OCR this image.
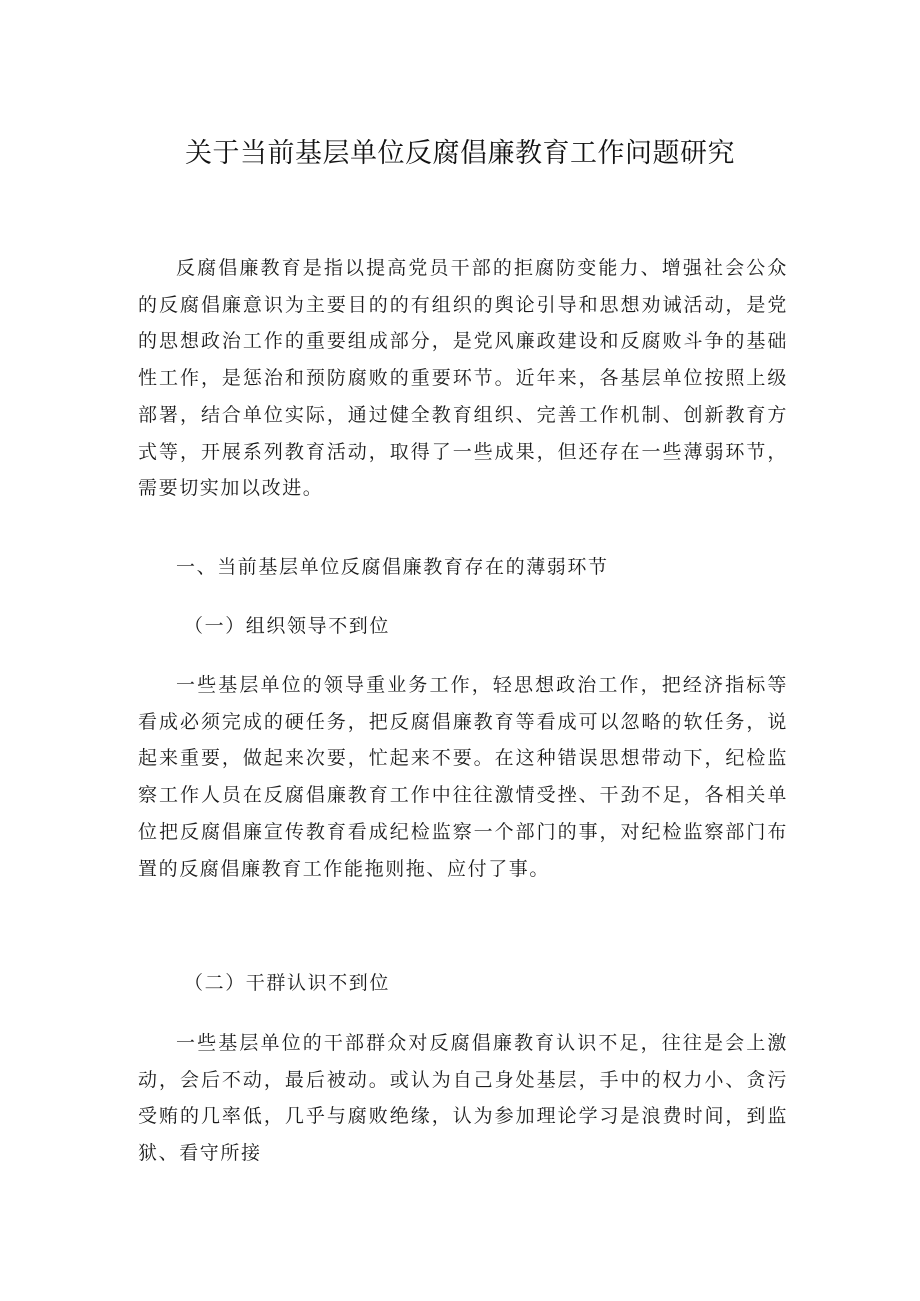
关于当前基层单位反腐倡廉教育工作问题研究

反腐倡廉教育是指以提高党员干部的拒腐防变能力、增强社会公众的反腐倡廉意识为主要目的的有组织的舆论引导和思想劝诫活动，是党的思想政治工作的重要组成部分，是党风廉政建设和反腐败斗争的基础性工作，是惩治和预防腐败的重要环节。近年来，各基层单位按照上级部署，结合单位实际，通过健全教育组织、完善工作机制、创新教育方式等，开展系列教育活动，取得了一些成果，但还存在一些薄弱环节，需要切实加以改进。

一、当前基层单位反腐倡廉教育存在的薄弱环节

（一）组织领导不到位

一些基层单位的领导重业务工作，轻思想政治工作，把经济指标等看成必须完成的硬任务，把反腐倡廉教育等看成可以忽略的软任务，说起来重要，做起来次要，忙起来不要。在这种错误思想带动下，纪检监察工作人员在反腐倡廉教育工作中往往激情受挫、干劲不足，各相关单位把反腐倡廉宣传教育看成纪检监察一个部门的事，对纪检监察部门布置的反腐倡廉教育工作能拖则拖、应付了事。

（二）干群认识不到位

一些基层单位的干部群众对反腐倡廉教育认识不足，往往是会上激动，会后不动，最后被动。或认为自己身处基层，手中的权力小、贪污受贿的几率低，几乎与腐败绝缘，认为参加理论学习是浪费时间，到监狱、看守所接
